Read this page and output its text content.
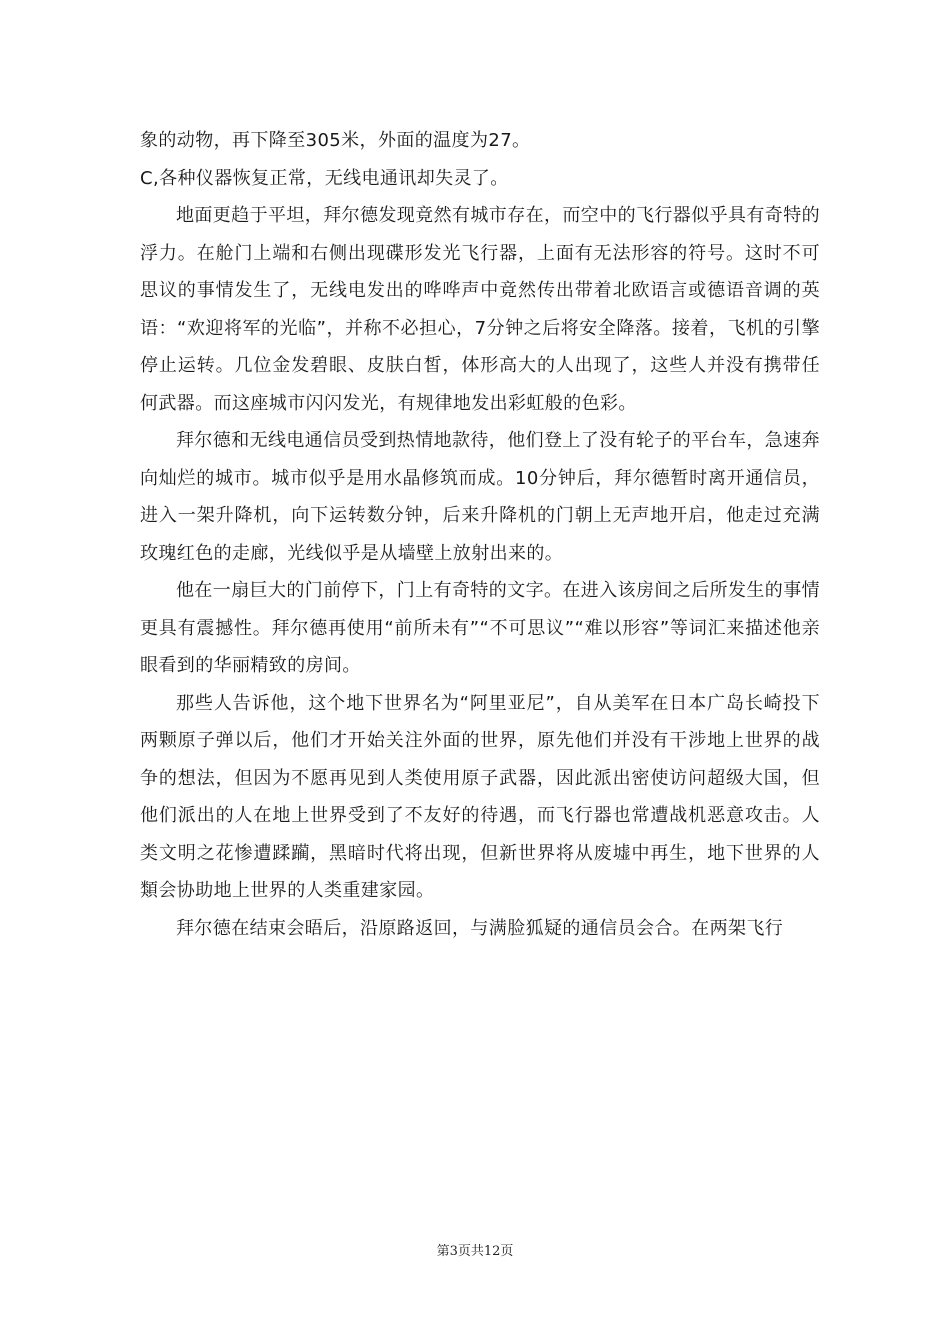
象的动物，再下降至305米，外面的温度为27。

C,各种仪器恢复正常，无线电通讯却失灵了。

地面更趋于平坦，拜尔德发现竟然有城市存在，而空中的飞行器似乎具有奇特的浮力。在舱门上端和右侧出现碟形发光飞行器，上面有无法形容的符号。这时不可思议的事情发生了，无线电发出的哗哗声中竟然传出带着北欧语言或德语音调的英语：“欢迎将军的光临”，并称不必担心，7分钟之后将安全降落。接着，飞机的引擎停止运转。几位金发碧眼、皮肤白皙，体形高大的人出现了，这些人并没有携带任何武器。而这座城市闪闪发光，有规律地发出彩虹般的色彩。

拜尔德和无线电通信员受到热情地款待，他们登上了没有轮子的平台车，急速奔向灿烂的城市。城市似乎是用水晶修筑而成。10分钟后，拜尔德暂时离开通信员，进入一架升降机，向下运转数分钟，后来升降机的门朝上无声地开启，他走过充满玫瑰红色的走廊，光线似乎是从墙壁上放射出来的。

他在一扇巨大的门前停下，门上有奇特的文字。在进入该房间之后所发生的事情更具有震撼性。拜尔德再使用“前所未有”“不可思议”“难以形容”等词汇来描述他亲眼看到的华丽精致的房间。

那些人告诉他，这个地下世界名为“阿里亚尼”，自从美军在日本广岛长崎投下两颗原子弹以后，他们才开始关注外面的世界，原先他们并没有干涉地上世界的战争的想法，但因为不愿再见到人类使用原子武器，因此派出密使访问超级大国，但他们派出的人在地上世界受到了不友好的待遇，而飞行器也常遭战机恶意攻击。人类文明之花惨遭蹂躏，黑暗时代将出现，但新世界将从废墟中再生，地下世界的人類会协助地上世界的人类重建家园。

拜尔德在结束会晤后，沿原路返回，与满脸狐疑的通信员会合。在两架飞行

第3页共12页
